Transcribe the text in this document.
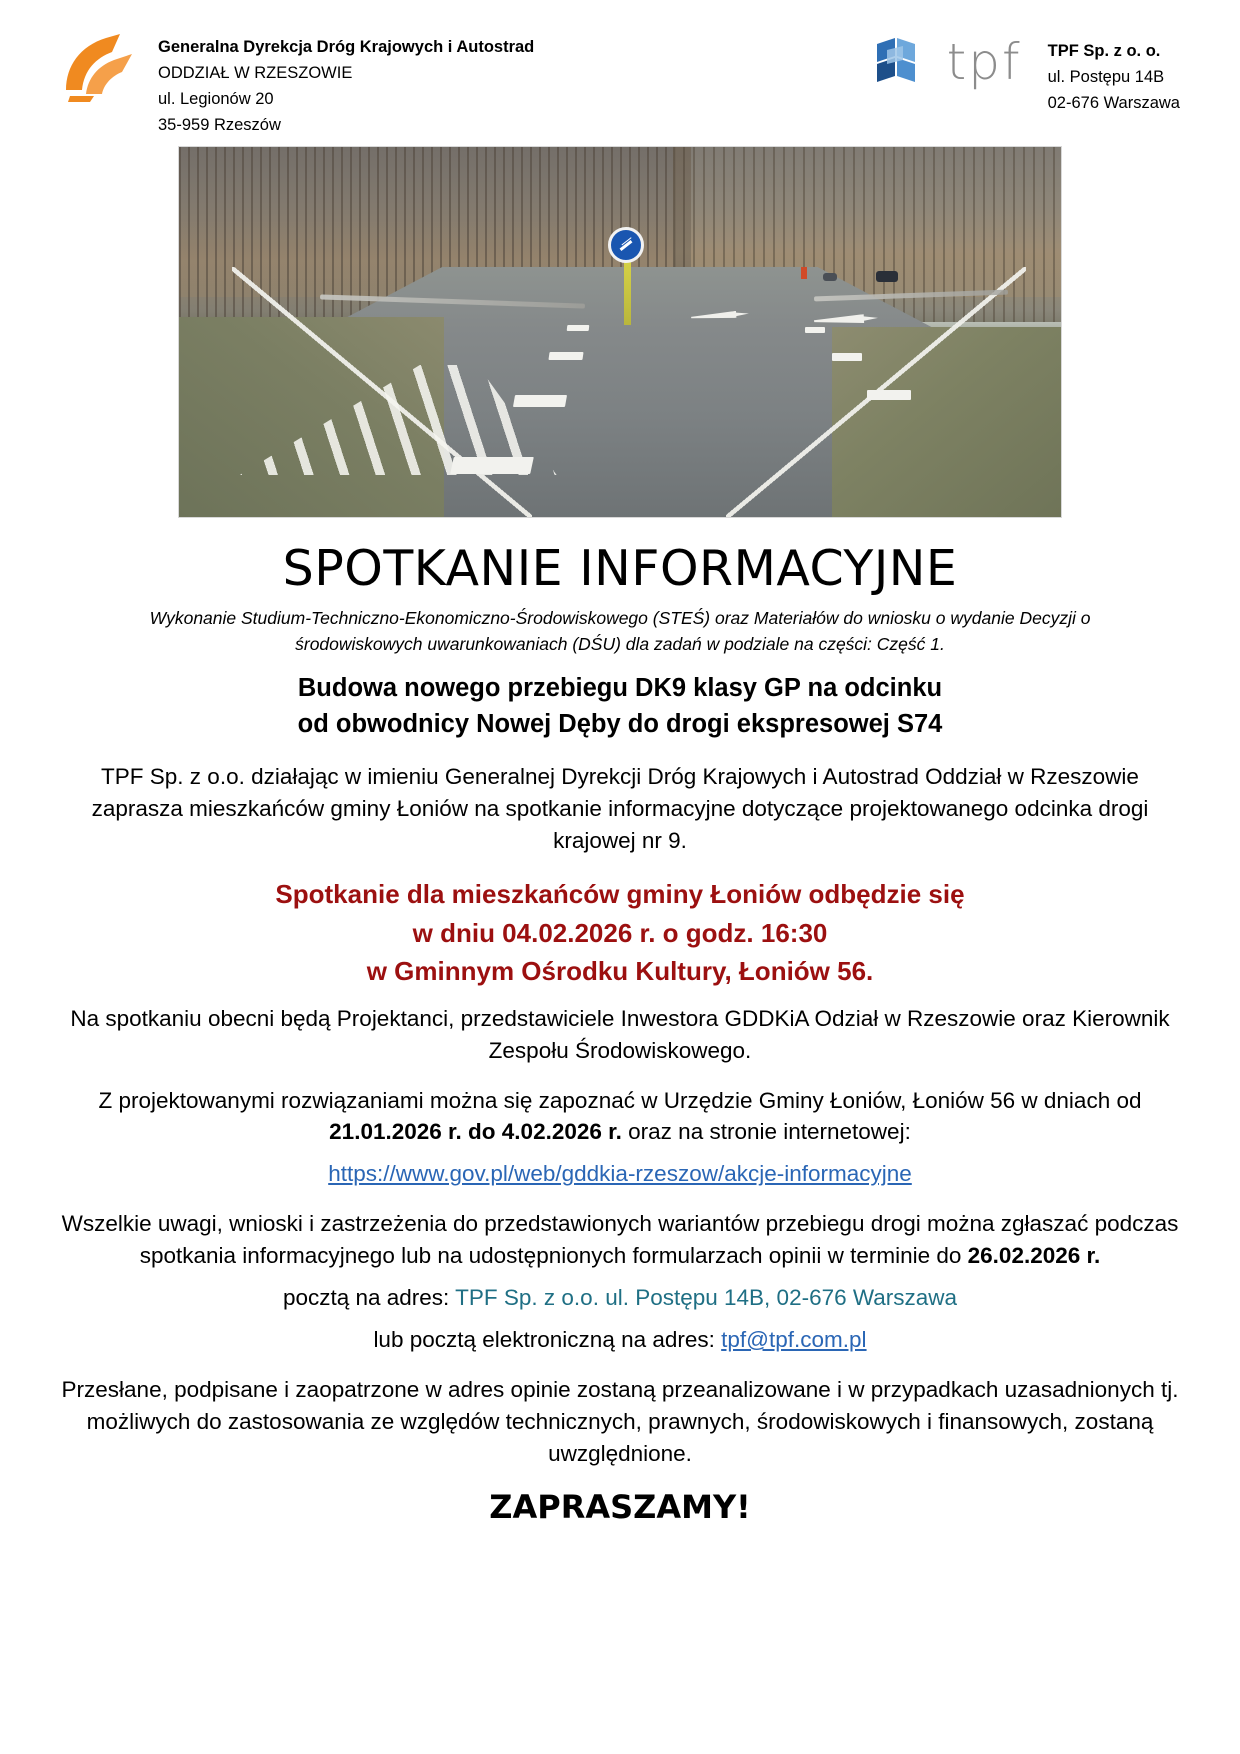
Generalna Dyrekcja Dróg Krajowych i Autostrad
ODDZIAŁ W RZESZOWIE
ul. Legionów 20
35-959 Rzeszów
tpf TPF Sp. z o. o.
ul. Postępu 14B
02-676 Warszawa
SPOTKANIE INFORMACYJNE
Wykonanie Studium-Techniczno-Ekonomiczno-Środowiskowego (STEŚ) oraz Materiałów do wniosku o wydanie Decyzji o środowiskowych uwarunkowaniach (DŚU) dla zadań w podziale na części: Część 1.
Budowa nowego przebiegu DK9 klasy GP na odcinku
od obwodnicy Nowej Dęby do drogi ekspresowej S74

TPF Sp. z o.o. działając w imieniu Generalnej Dyrekcji Dróg Krajowych i Autostrad Oddział w Rzeszowie zaprasza mieszkańców gminy Łoniów na spotkanie informacyjne dotyczące projektowanego odcinka drogi krajowej nr 9.

Spotkanie dla mieszkańców gminy Łoniów odbędzie się
w dniu 04.02.2026 r. o godz. 16:30
w Gminnym Ośrodku Kultury, Łoniów 56.

Na spotkaniu obecni będą Projektanci, przedstawiciele Inwestora GDDKiA Odział w Rzeszowie oraz Kierownik Zespołu Środowiskowego.

Z projektowanymi rozwiązaniami można się zapoznać w Urzędzie Gminy Łoniów, Łoniów 56 w dniach od 21.01.2026 r. do 4.02.2026 r. oraz na stronie internetowej:

https://www.gov.pl/web/gddkia-rzeszow/akcje-informacyjne

Wszelkie uwagi, wnioski i zastrzeżenia do przedstawionych wariantów przebiegu drogi można zgłaszać podczas spotkania informacyjnego lub na udostępnionych formularzach opinii w terminie do 26.02.2026 r.

pocztą na adres: TPF Sp. z o.o. ul. Postępu 14B, 02-676 Warszawa

lub pocztą elektroniczną na adres: tpf@tpf.com.pl

Przesłane, podpisane i zaopatrzone w adres opinie zostaną przeanalizowane i w przypadkach uzasadnionych tj. możliwych do zastosowania ze względów technicznych, prawnych, środowiskowych i finansowych, zostaną uwzględnione.

ZAPRASZAMY!
